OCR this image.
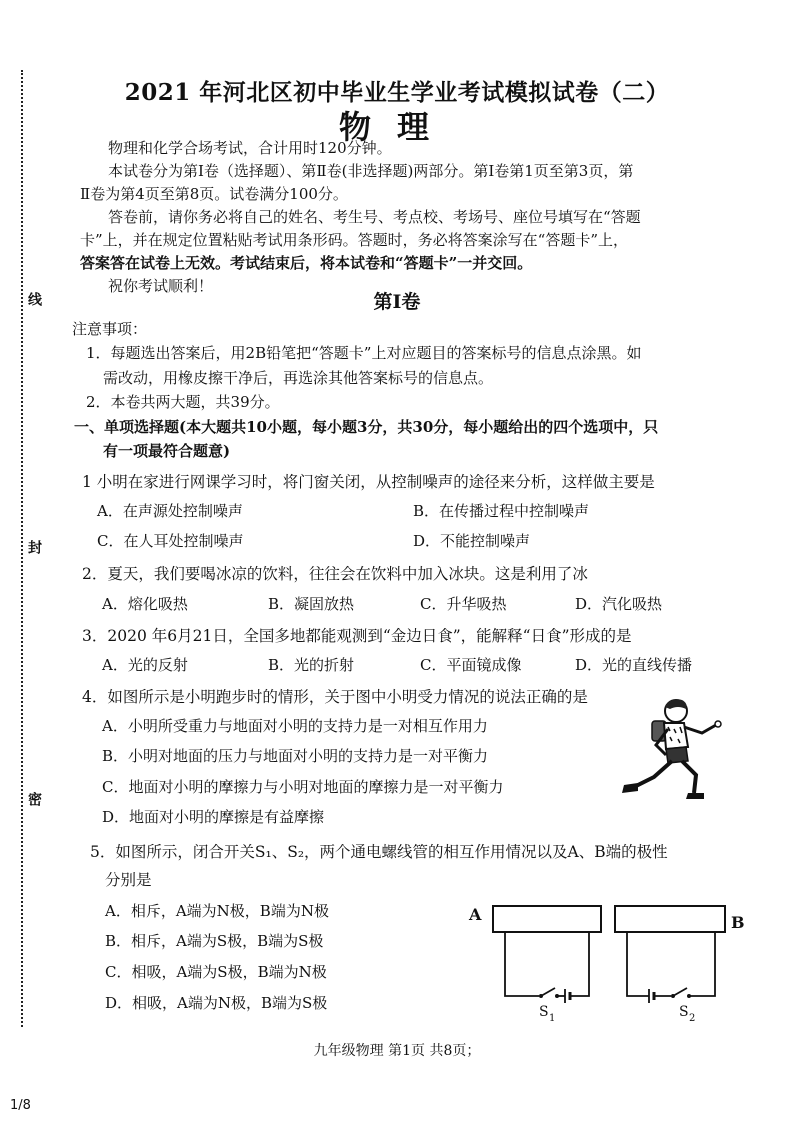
线
封
密
2021 年河北区初中毕业生学业考试模拟试卷（二）
物理
物理和化学合场考试，合计用时120分钟。
本试卷分为第Ⅰ卷（选择题）、第Ⅱ卷(非选择题)两部分。第Ⅰ卷第1页至第3页，第
Ⅱ卷为第4页至第8页。试卷满分100分。
答卷前，请你务必将自己的姓名、考生号、考点校、考场号、座位号填写在“答题
卡”上，并在规定位置粘贴考试用条形码。答题时，务必将答案涂写在“答题卡”上，
答案答在试卷上无效。考试结束后，将本试卷和“答题卡”一并交回。
祝你考试顺利！
第Ⅰ卷
注意事项：
1．每题选出答案后，用2B铅笔把“答题卡”上对应题目的答案标号的信息点涂黑。如
需改动，用橡皮擦干净后，再选涂其他答案标号的信息点。
2．本卷共两大题，共39分。
一、单项选择题(本大题共10小题，每小题3分，共30分，每小题给出的四个选项中，只
有一项最符合题意)
1 小明在家进行网课学习时，将门窗关闭，从控制噪声的途径来分析，这样做主要是
A．在声源处控制噪声	B．在传播过程中控制噪声
C．在人耳处控制噪声	D．不能控制噪声
2．夏天，我们要喝冰凉的饮料，往往会在饮料中加入冰块。这是利用了冰
A．熔化吸热	B．凝固放热	C．升华吸热	D．汽化吸热
3．2020 年6月21日，全国多地都能观测到“金边日食”，能解释“日食”形成的是
A．光的反射	B．光的折射	C．平面镜成像	D．光的直线传播
4．如图所示是小明跑步时的情形，关于图中小明受力情况的说法正确的是
A．小明所受重力与地面对小明的支持力是一对相互作用力
B．小明对地面的压力与地面对小明的支持力是一对平衡力
C．地面对小明的摩擦力与小明对地面的摩擦力是一对平衡力
D．地面对小明的摩擦是有益摩擦
5．如图所示，闭合开关S₁、S₂，两个通电螺线管的相互作用情况以及A、B端的极性
分别是
A．相斥，A端为N极，B端为N极
B．相斥，A端为S极，B端为S极
C．相吸，A端为S极，B端为N极
D．相吸，A端为N极，B端为S极
A	B
S 1	S 2
九年级物理 第1页 共8页；
1/8
